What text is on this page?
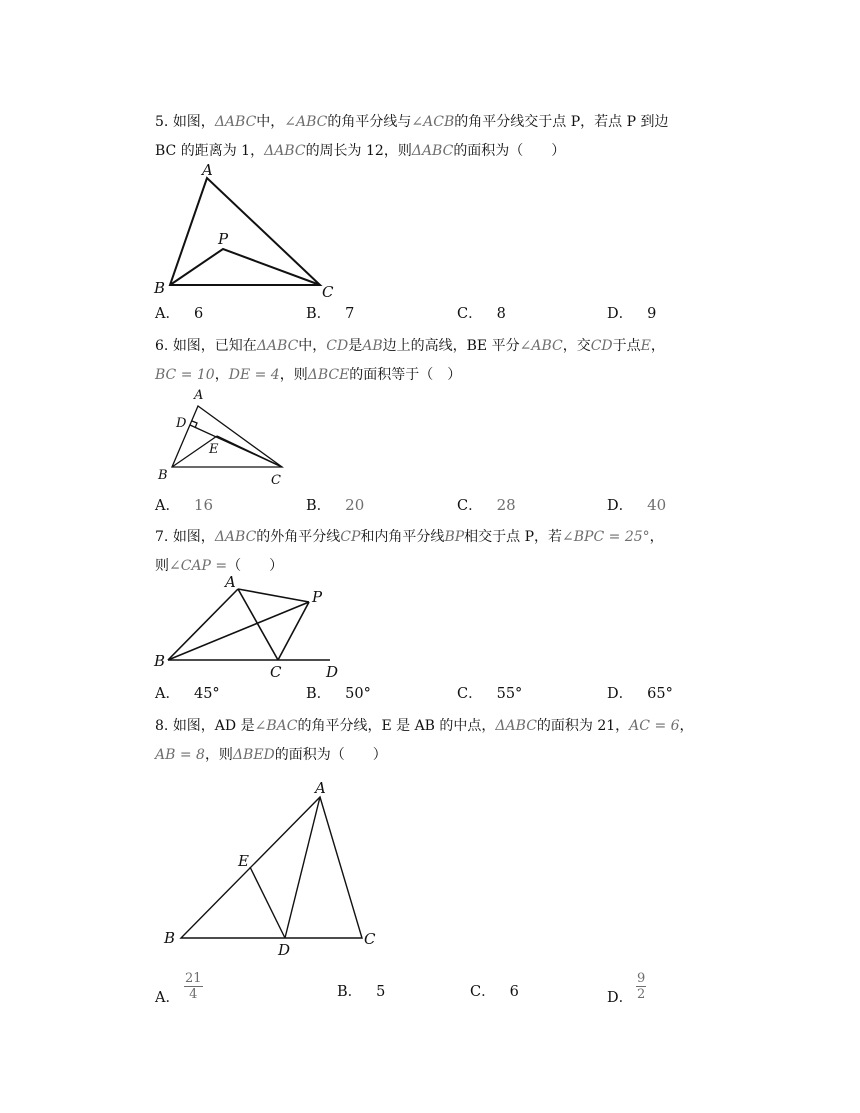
5. 如图，ΔABC中，∠ABC的角平分线与∠ACB的角平分线交于点 P，若点 P 到边
BC 的距离为 1，ΔABC的周长为 12，则ΔABC的面积为（　　）
A
B	C
P
A． 6	B． 7	C． 8	D． 9
6. 如图，已知在ΔABC中，CD是AB边上的高线，BE 平分∠ABC，交CD于点E，
BC = 10，DE = 4，则ΔBCE的面积等于（　）
A
D
E
B	C
A． 16	B． 20	C． 28	D． 40
7. 如图，ΔABC的外角平分线CP和内角平分线BP相交于点 P，若∠BPC = 25°，
则∠CAP =（　　）
A
P
B
C	D
A． 45°	B． 50°	C． 55°	D． 65°
8. 如图，AD 是∠BAC的角平分线，E 是 AB 的中点，ΔABC的面积为 21，AC = 6，
AB = 8，则ΔBED的面积为（　　）
A
E
B
D
C
A． $\frac{21}{4}$	B． 5	C． 6	D． $\frac{9}{2}$
